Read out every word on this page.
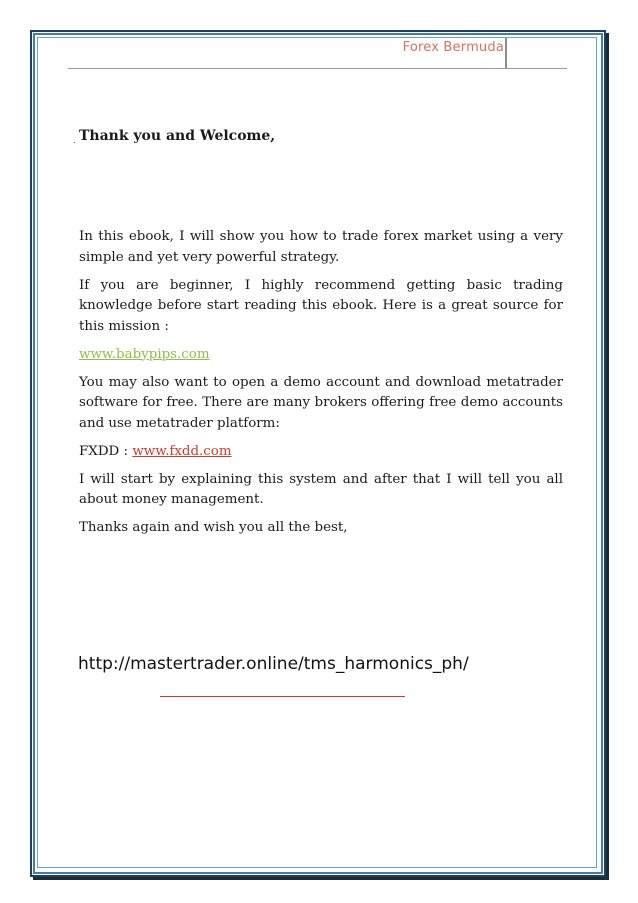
Forex Bermuda
. Thank you and Welcome,

In this ebook, I will show you how to trade forex market using a very simple and yet very powerful strategy.

If you are beginner, I highly recommend getting basic trading knowledge before start reading this ebook. Here is a great source for this mission :

www.babypips.com

You may also want to open a demo account and download metatrader software for free. There are many brokers offering free demo accounts and use metatrader platform:

FXDD : www.fxdd.com

I will start by explaining this system and after that I will tell you all about money management.

Thanks again and wish you all the best,

http://mastertrader.online/tms_harmonics_ph/
